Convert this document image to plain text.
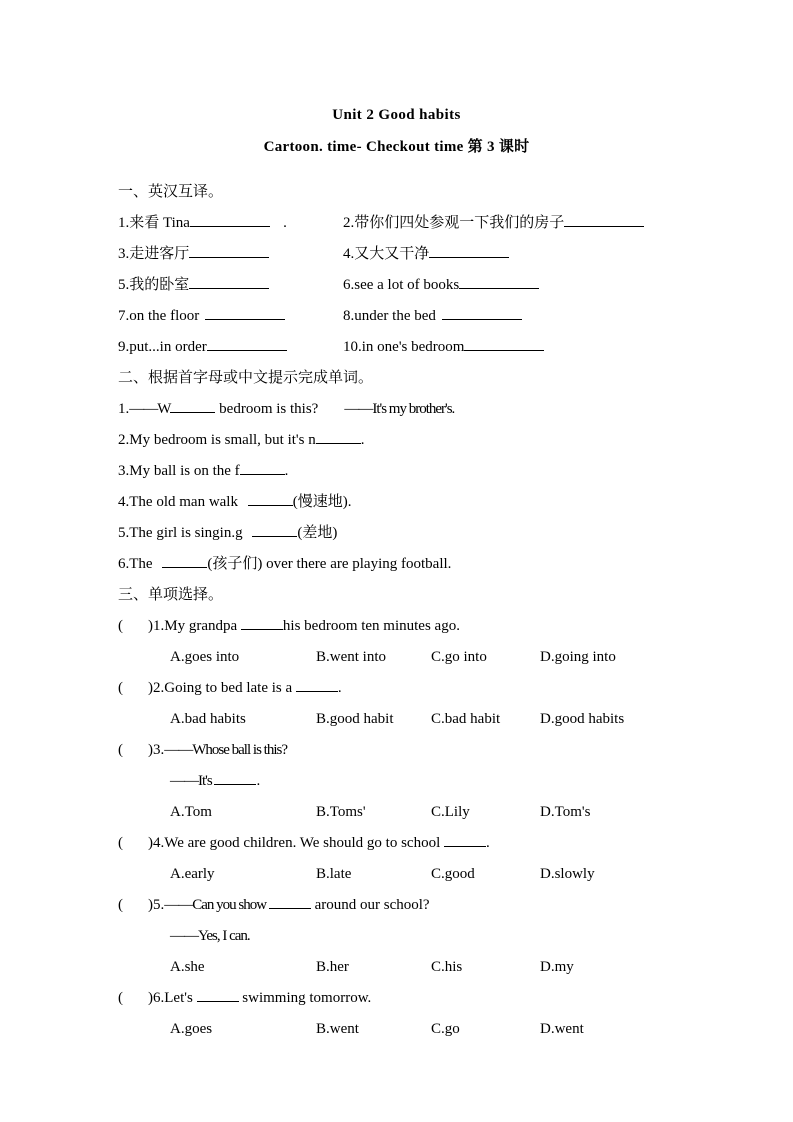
Unit 2 Good habits
Cartoon. time- Checkout time 第 3 课时
一、英汉互译。
1.来看 Tina	.	2.带你们四处参观一下我们的房子
3.走进客厅	4.又大又干净
5.我的卧室	6.see a lot of books
7.on the floor	8.under the bed
9.put...in order	10.in one's bedroom
二、根据首字母或中文提示完成单词。
1.——W	bedroom is this? ——It's my brother's.
2.My bedroom is small, but it's n	.
3.My ball is on the f	.
4.The old man walk	(慢速地).
5.The girl is singin.g	(差地)
6.The	(孩子们) over there are playing football.
三、单项选择。
( )1.My grandpa	his bedroom ten minutes ago.
A.goes into	B.went into	C.go into	D.going into
( )2.Going to bed late is a	.
A.bad habits	B.good habit	C.bad habit	D.good habits
( )3.——Whose ball is this?
——It's	.
A.Tom	B.Toms'	C.Lily	D.Tom's
( )4.We are good children. We should go to school	.
A.early	B.late	C.good	D.slowly
( )5.——Can you show	around our school?
——Yes, I can.
A.she	B.her	C.his	D.my
( )6.Let's	swimming tomorrow.
A.goes	B.went	C.go	D.went
